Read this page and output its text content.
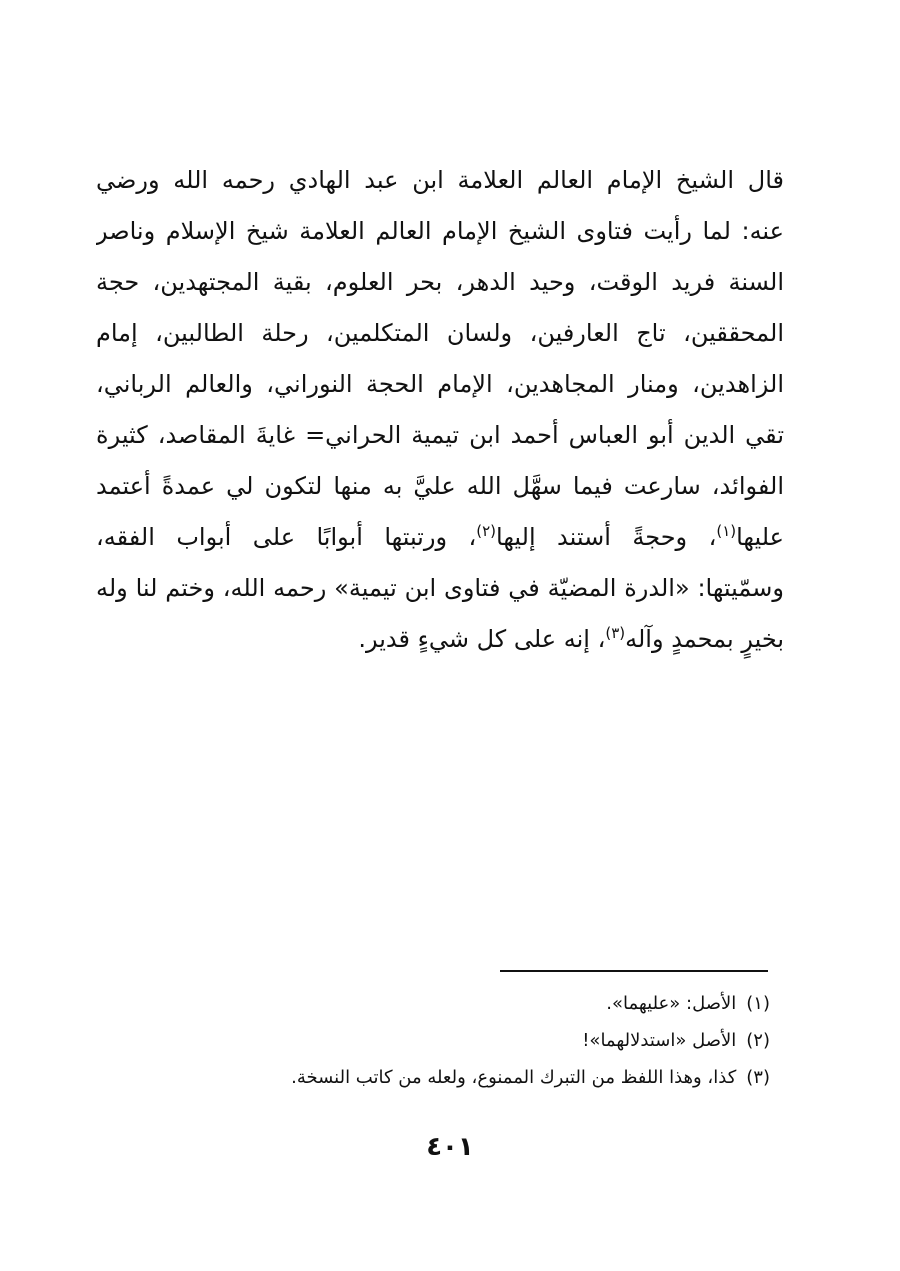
قال الشيخ الإمام العالم العلامة ابن عبد الهادي رحمه الله ورضي
عنه: لما رأيت فتاوى الشيخ الإمام العالم العلامة شيخ الإسلام وناصر
السنة فريد الوقت، وحيد الدهر، بحر العلوم، بقية المجتهدين، حجة
المحققين، تاج العارفين، ولسان المتكلمين، رحلة الطالبين، إمام
الزاهدين، ومنار المجاهدين، الإمام الحجة النوراني، والعالم الرباني،
تقي الدين أبو العباس أحمد ابن تيمية الحراني= غايةَ المقاصد، كثيرة
الفوائد، سارعت فيما سهَّل الله عليَّ به منها لتكون لي عمدةً أعتمد
عليها$^{(١)}$، وحجةً أستند إليها$^{(٢)}$، ورتبتها أبوابًا على أبواب الفقه،
وسمّيتها: «الدرة المضيّة في فتاوى ابن تيمية» رحمه الله، وختم لنا وله
بخيرٍ بمحمدٍ وآله$^{(٣)}$، إنه على كل شيءٍ قدير.
(١)الأصل: «عليهما».
(٢)الأصل «استدلالهما»!
(٣)كذا، وهذا اللفظ من التبرك الممنوع، ولعله من كاتب النسخة.
٤٠١
